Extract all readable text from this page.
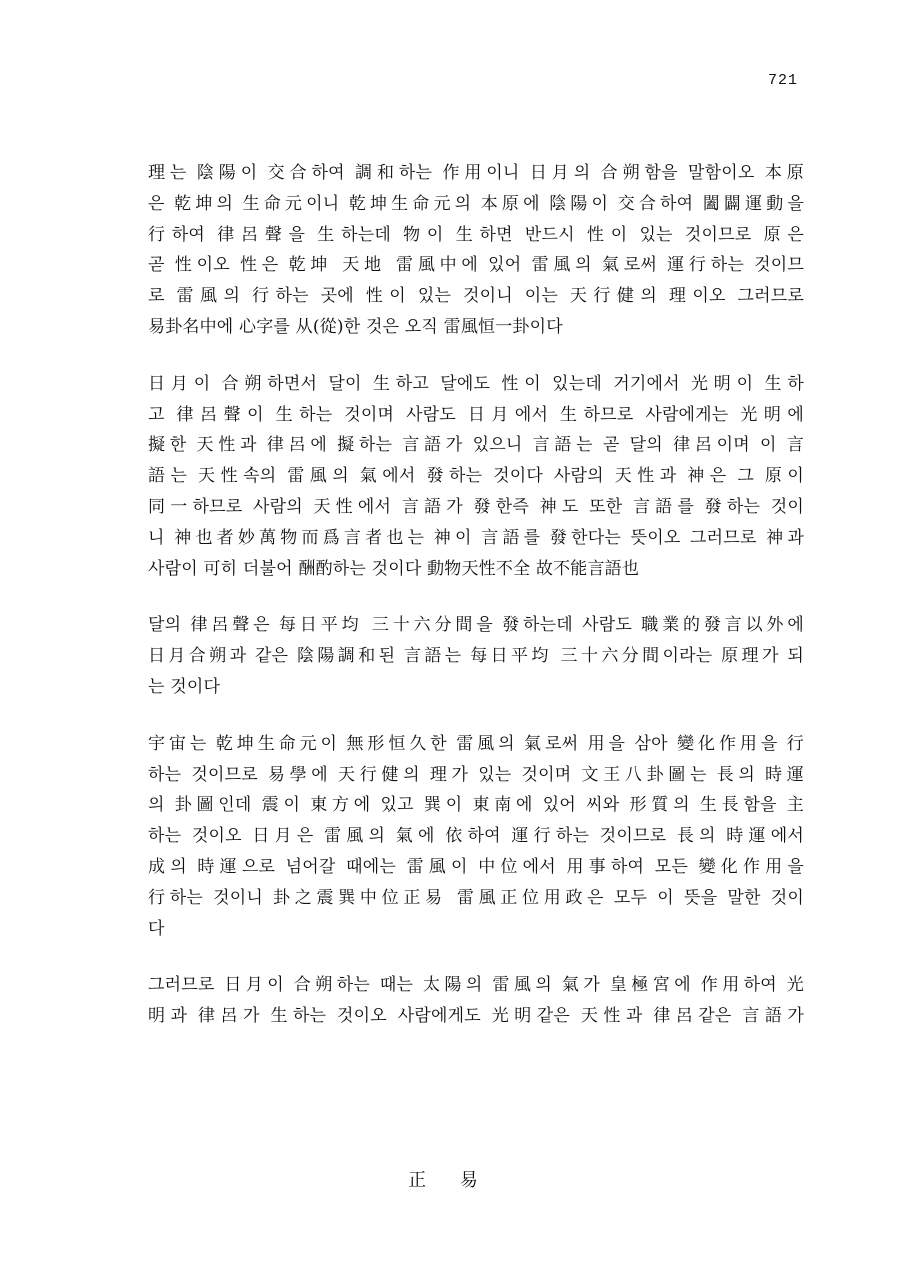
721
理는 陰陽이 交合하여 調和하는 作用이니 日月의 合朔함을 말함이오 本原
은 乾坤의 生命元이니 乾坤生命元의 本原에 陰陽이 交合하여 闔闢運動을
行하여 律呂聲을 生하는데 物이 生하면 반드시 性이 있는 것이므로 原은
곧 性이오 性은 乾坤 天地 雷風中에 있어 雷風의 氣로써 運行하는 것이므
로 雷風의 行하는 곳에 性이 있는 것이니 이는 天行健의 理이오 그러므로
易卦名中에 心字를 从(從)한 것은 오직 雷風恒一卦이다
日月이 合朔하면서 달이 生하고 달에도 性이 있는데 거기에서 光明이 生하
고 律呂聲이 生하는 것이며 사람도 日月에서 生하므로 사람에게는 光明에
擬한 天性과 律呂에 擬하는 言語가 있으니 言語는 곧 달의 律呂이며 이 言
語는 天性속의 雷風의 氣에서 發하는 것이다 사람의 天性과 神은 그 原이
同一하므로 사람의 天性에서 言語가 發한즉 神도 또한 言語를 發하는 것이
니 神也者妙萬物而爲言者也는 神이 言語를 發한다는 뜻이오 그러므로 神과
사람이 可히 더불어 酬酌하는 것이다 動物天性不全 故不能言語也
달의 律呂聲은 每日平均 三十六分間을 發하는데 사람도 職業的發言以外에
日月合朔과 같은 陰陽調和된 言語는 每日平均 三十六分間이라는 原理가 되
는 것이다
宇宙는 乾坤生命元이 無形恒久한 雷風의 氣로써 用을 삼아 變化作用을 行
하는 것이므로 易學에 天行健의 理가 있는 것이며 文王八卦圖는 長의 時運
의 卦圖인데 震이 東方에 있고 巽이 東南에 있어 씨와 形質의 生長함을 主
하는 것이오 日月은 雷風의 氣에 依하여 運行하는 것이므로 長의 時運에서
成의 時運으로 넘어갈 때에는 雷風이 中位에서 用事하여 모든 變化作用을
行하는 것이니 卦之震巽中位正易 雷風正位用政은 모두 이 뜻을 말한 것이
다
그러므로 日月이 合朔하는 때는 太陽의 雷風의 氣가 皇極宮에 作用하여 光
明과 律呂가 生하는 것이오 사람에게도 光明같은 天性과 律呂같은 言語가
正 易
